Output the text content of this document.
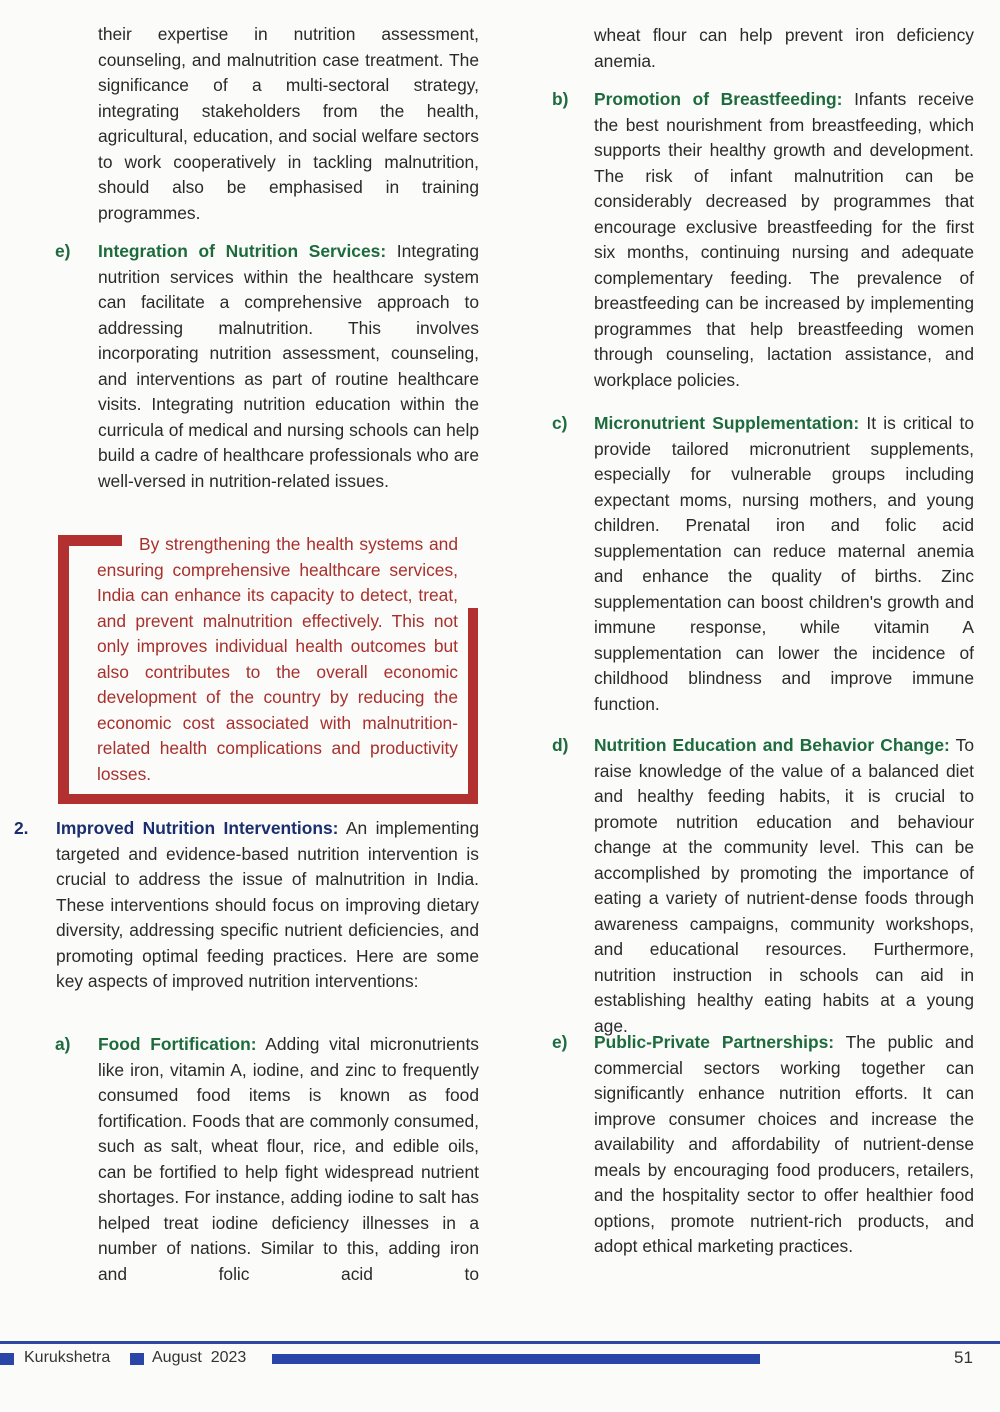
their expertise in nutrition assessment, counseling, and malnutrition case treatment. The significance of a multi-sectoral strategy, integrating stakeholders from the health, agricultural, education, and social welfare sectors to work cooperatively in tackling malnutrition, should also be emphasised in training programmes.

e) Integration of Nutrition Services: Integrating nutrition services within the healthcare system can facilitate a comprehensive approach to addressing malnutrition. This involves incorporating nutrition assessment, counseling, and interventions as part of routine healthcare visits. Integrating nutrition education within the curricula of medical and nursing schools can help build a cadre of healthcare professionals who are well-versed in nutrition-related issues.

By strengthening the health systems and ensuring comprehensive healthcare services, India can enhance its capacity to detect, treat, and prevent malnutrition effectively. This not only improves individual health outcomes but also contributes to the overall economic development of the country by reducing the economic cost associated with malnutrition-related health complications and productivity losses.

2. Improved Nutrition Interventions: An implementing targeted and evidence-based nutrition intervention is crucial to address the issue of malnutrition in India. These interventions should focus on improving dietary diversity, addressing specific nutrient deficiencies, and promoting optimal feeding practices. Here are some key aspects of improved nutrition interventions:

a) Food Fortification: Adding vital micronutrients like iron, vitamin A, iodine, and zinc to frequently consumed food items is known as food fortification. Foods that are commonly consumed, such as salt, wheat flour, rice, and edible oils, can be fortified to help fight widespread nutrient shortages. For instance, adding iodine to salt has helped treat iodine deficiency illnesses in a number of nations. Similar to this, adding iron and folic acid to

wheat flour can help prevent iron deficiency anemia.

b) Promotion of Breastfeeding: Infants receive the best nourishment from breastfeeding, which supports their healthy growth and development. The risk of infant malnutrition can be considerably decreased by programmes that encourage exclusive breastfeeding for the first six months, continuing nursing and adequate complementary feeding. The prevalence of breastfeeding can be increased by implementing programmes that help breastfeeding women through counseling, lactation assistance, and workplace policies.

c) Micronutrient Supplementation: It is critical to provide tailored micronutrient supplements, especially for vulnerable groups including expectant moms, nursing mothers, and young children. Prenatal iron and folic acid supplementation can reduce maternal anemia and enhance the quality of births. Zinc supplementation can boost children's growth and immune response, while vitamin A supplementation can lower the incidence of childhood blindness and improve immune function.

d) Nutrition Education and Behavior Change: To raise knowledge of the value of a balanced diet and healthy feeding habits, it is crucial to promote nutrition education and behaviour change at the community level. This can be accomplished by promoting the importance of eating a variety of nutrient-dense foods through awareness campaigns, community workshops, and educational resources. Furthermore, nutrition instruction in schools can aid in establishing healthy eating habits at a young age.

e) Public-Private Partnerships: The public and commercial sectors working together can significantly enhance nutrition efforts. It can improve consumer choices and increase the availability and affordability of nutrient-dense meals by encouraging food producers, retailers, and the hospitality sector to offer healthier food options, promote nutrient-rich products, and adopt ethical marketing practices.

Kurukshetra	August  2023	51
